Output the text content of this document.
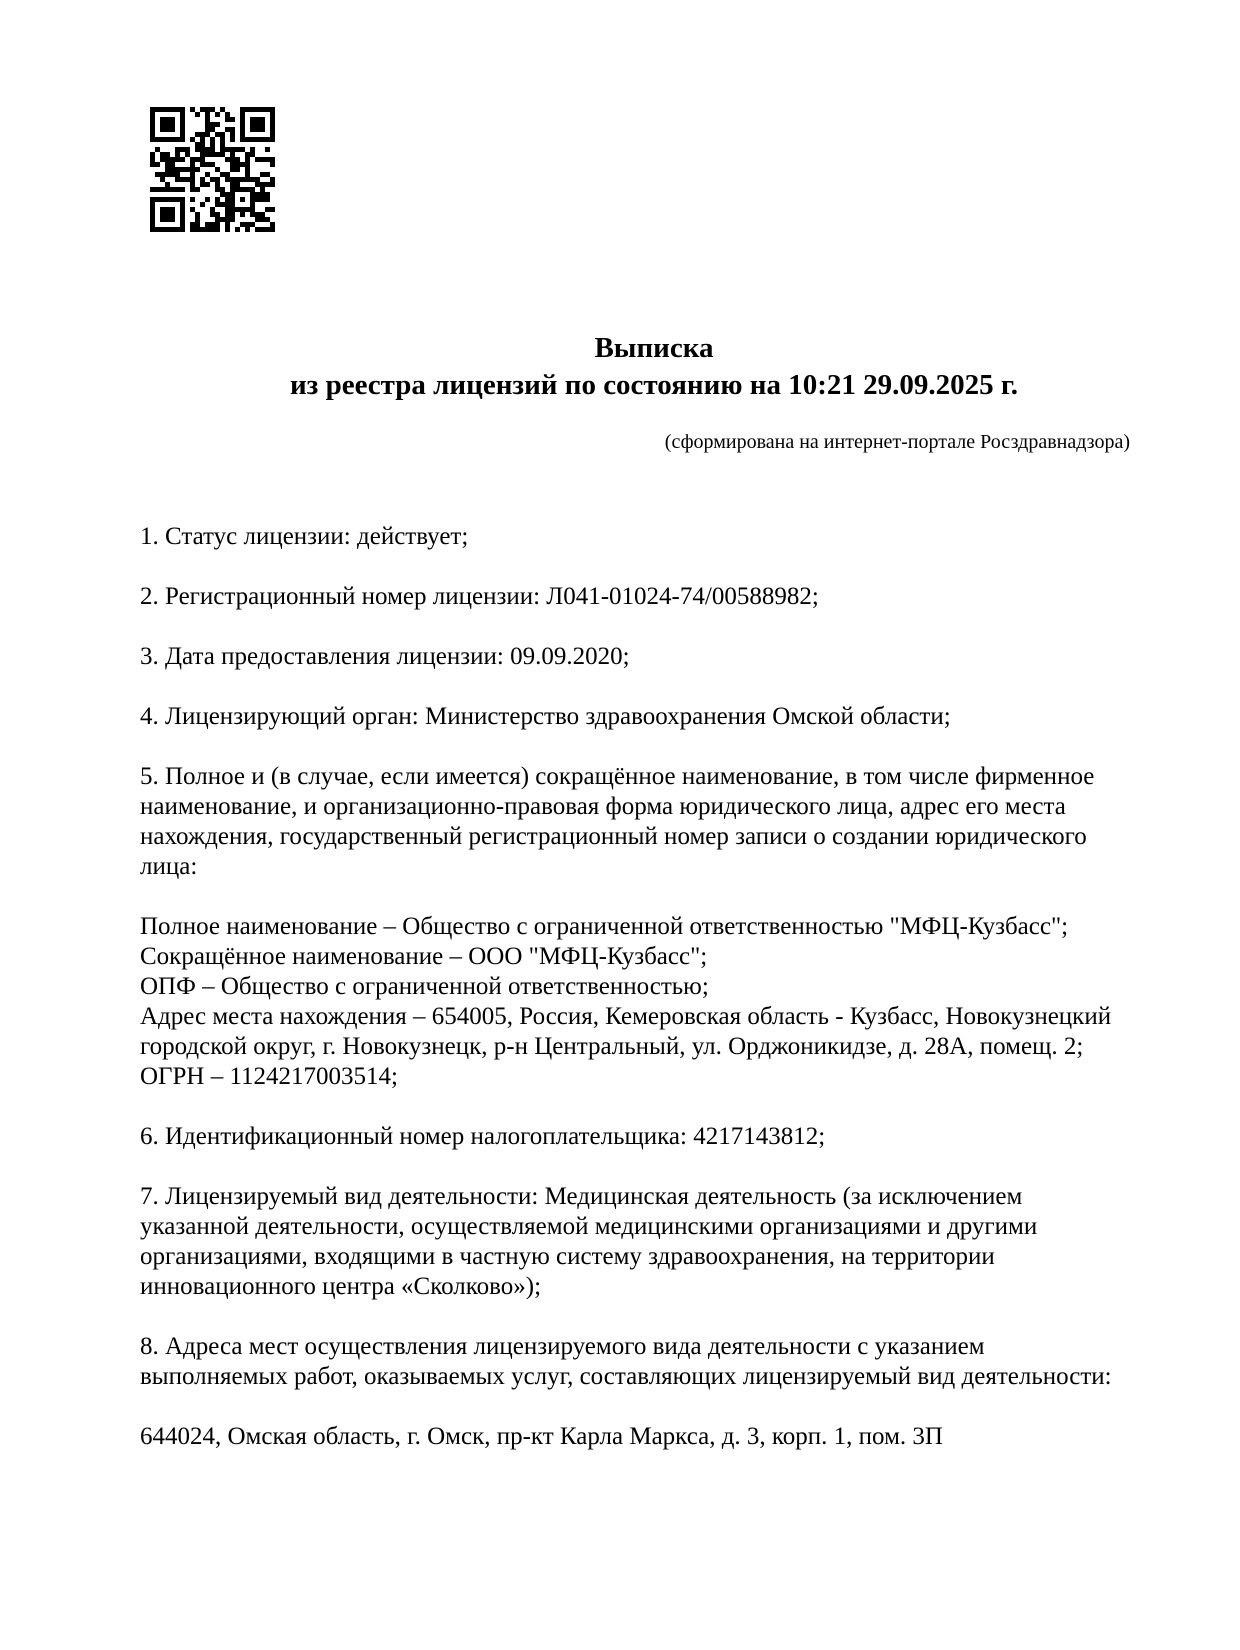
Выписка
из реестра лицензий по состоянию на 10:21 29.09.2025 г.
(сформирована на интернет-портале Росздравнадзора)

1. Статус лицензии: действует;

2. Регистрационный номер лицензии: Л041-01024-74/00588982;

3. Дата предоставления лицензии: 09.09.2020;

4. Лицензирующий орган: Министерство здравоохранения Омской области;

5. Полное и (в случае, если имеется) сокращённое наименование, в том числе фирменное наименование, и организационно-правовая форма юридического лица, адрес его места нахождения, государственный регистрационный номер записи о создании юридического лица:

Полное наименование – Общество с ограниченной ответственностью "МФЦ-Кузбасс";
Сокращённое наименование – ООО "МФЦ-Кузбасс";
ОПФ – Общество с ограниченной ответственностью;
Адрес места нахождения – 654005, Россия, Кемеровская область - Кузбасс, Новокузнецкий городской округ, г. Новокузнецк, р-н Центральный, ул. Орджоникидзе, д. 28А, помещ. 2;
ОГРН – 1124217003514;

6. Идентификационный номер налогоплательщика: 4217143812;

7. Лицензируемый вид деятельности: Медицинская деятельность (за исключением указанной деятельности, осуществляемой медицинскими организациями и другими организациями, входящими в частную систему здравоохранения, на территории инновационного центра «Сколково»);

8. Адреса мест осуществления лицензируемого вида деятельности с указанием выполняемых работ, оказываемых услуг, составляющих лицензируемый вид деятельности:

644024, Омская область, г. Омск, пр-кт Карла Маркса, д. 3, корп. 1, пом. 3П
